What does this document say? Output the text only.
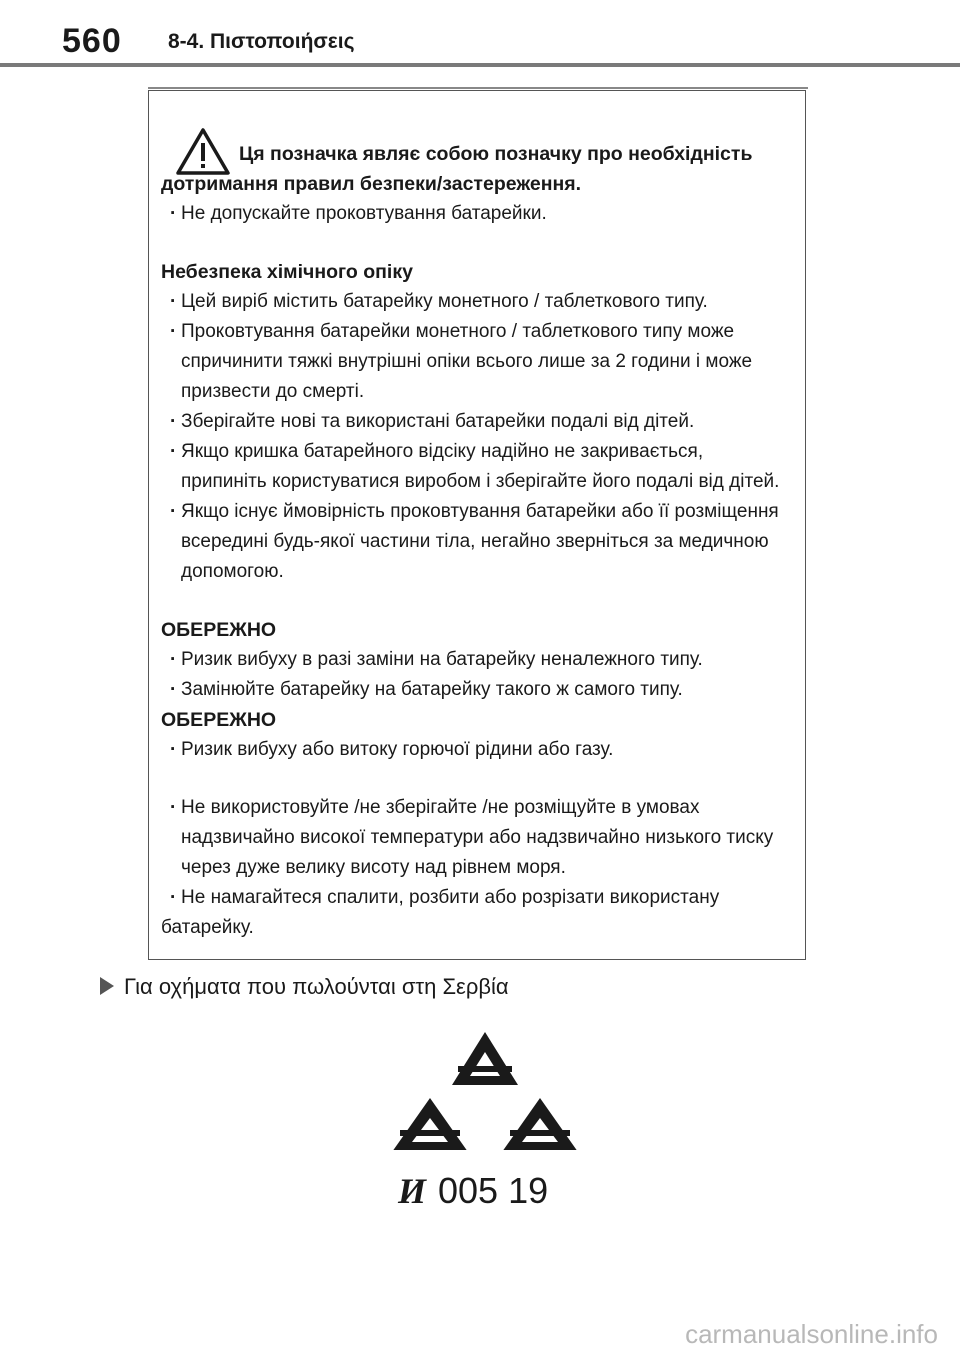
560 8-4. Πιστοποιήσεις
Ця позначка являє собою позначку про необхідність
дотримання правил безпеки/застереження.
· Не допускайте проковтування батарейки.
Небезпека хімічного опіку
· Цей виріб містить батарейку монетного / таблеткового типу.
· Проковтування батарейки монетного / таблеткового типу може спричинити тяжкі внутрішні опіки всього лише за 2 години і може призвести до смерті.
· Зберігайте нові та використані батарейки подалі від дітей.
· Якщо кришка батарейного відсіку надійно не закривається, припиніть користуватися виробом і зберігайте його подалі від дітей.
· Якщо існує ймовірність проковтування батарейки або її розміщення всередині будь-якої частини тіла, негайно зверніться за медичною допомогою.
ОБЕРЕЖНО
· Ризик вибуху в разі заміни на батарейку неналежного типу.
· Замінюйте батарейку на батарейку такого ж самого типу.
ОБЕРЕЖНО
· Ризик вибуху або витоку горючої рідини або газу.
· Не використовуйте /не зберігайте /не розміщуйте в умовах надзвичайно високої температури або надзвичайно низького тиску через дуже велику висоту над рівнем моря.
· Не намагайтеся спалити, розбити або розрізати використану
батарейку.
Για οχήματα που πωλούνται στη Σερβία
И 005 19
carmanualsonline.info
